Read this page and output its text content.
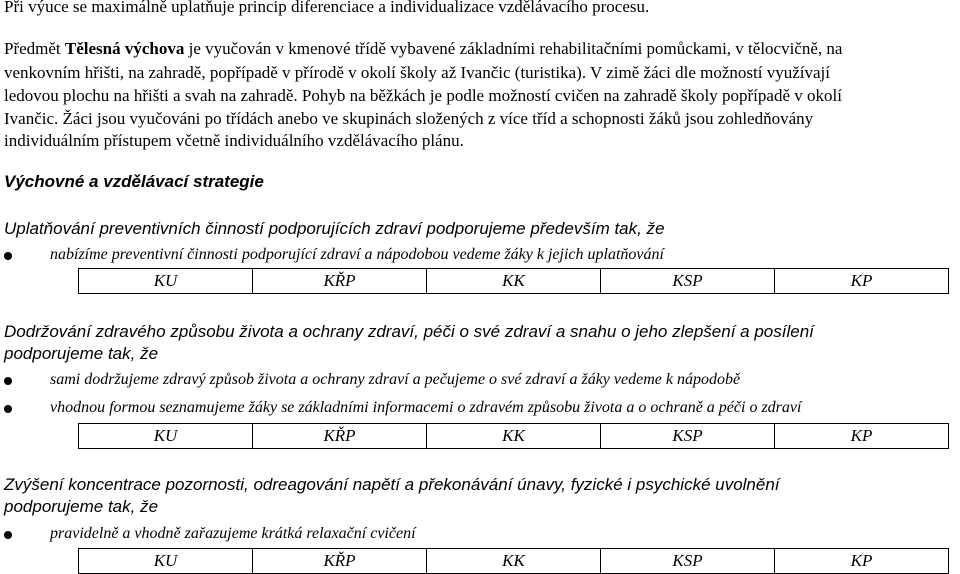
Při výuce se maximálně uplatňuje princip diferenciace a individualizace vzdělávacího procesu.
Předmět Tělesná výchova je vyučován v kmenové třídě vybavené základními rehabilitačními pomůckami, v tělocvičně, na
venkovním hřišti, na zahradě, popřípadě v přírodě v okolí školy až Ivančic (turistika). V zimě žáci dle možností využívají
ledovou plochu na hřišti a svah na zahradě. Pohyb na běžkách je podle možností cvičen na zahradě školy popřípadě v okolí
Ivančic. Žáci jsou vyučováni po třídách anebo ve skupinách složených z více tříd a schopnosti žáků jsou zohledňovány
individuálním přístupem včetně individuálního vzdělávacího plánu.
Výchovné a vzdělávací strategie
Uplatňování preventivních činností podporujících zdraví podporujeme především tak, že
nabízíme preventivní činnosti podporující zdraví a nápodobou vedeme žáky k jejich uplatňování
KU	KŘP	KK	KSP	KP
Dodržování zdravého způsobu života a ochrany zdraví, péči o své zdraví a snahu o jeho zlepšení a posílení
podporujeme tak, že
sami dodržujeme zdravý způsob života a ochrany zdraví a pečujeme o své zdraví a žáky vedeme k nápodobě
vhodnou formou seznamujeme žáky se základními informacemi o zdravém způsobu života a o ochraně a péči o zdraví
KU	KŘP	KK	KSP	KP
Zvýšení koncentrace pozornosti, odreagování napětí a překonávání únavy, fyzické i psychické uvolnění
podporujeme tak, že
pravidelně a vhodně zařazujeme krátká relaxační cvičení
KU	KŘP	KK	KSP	KP
